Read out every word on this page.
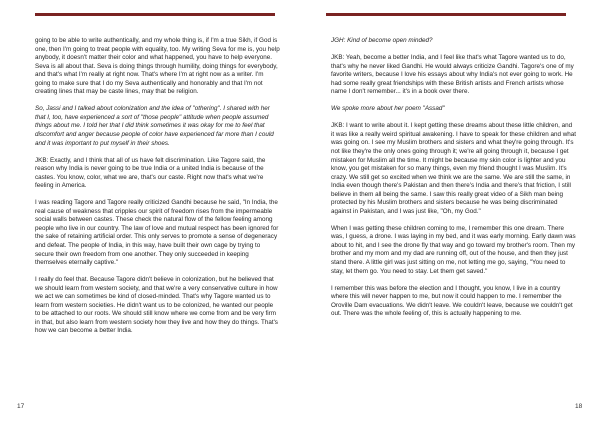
going to be able to write authentically, and my whole thing is, if I'm a true Sikh, if God is one, then I'm going to treat people with equality, too. My writing Seva for me is, you help anybody, it doesn't matter their color and what happened, you have to help everyone. Seva is all about that. Seva is doing things through humility, doing things for everybody, and that's what I'm really at right now. That's where I'm at right now as a writer. I'm going to make sure that I do my Seva authentically and honorably and that I'm not creating lines that may be caste lines, may that be religion.

So, Jassi and I talked about colonization and the idea of "othering". I shared with her that I, too, have experienced a sort of "those people" attitude when people assumed things about me. I told her that I did think sometimes it was okay for me to feel that discomfort and anger because people of color have experienced far more than I could and it was important to put myself in their shoes.

JKB: Exactly, and I think that all of us have felt discrimination. Like Tagore said, the reason why India is never going to be true India or a united India is because of the castes. You know, color, what we are, that's our caste. Right now that's what we're feeling in America.

I was reading Tagore and Tagore really criticized Gandhi because he said, "In India, the real cause of weakness that cripples our spirit of freedom rises from the impermeable social walls between castes. These check the natural flow of the fellow feeling among people who live in our country. The law of love and mutual respect has been ignored for the sake of retaining artificial order. This only serves to promote a sense of degeneracy and defeat. The people of India, in this way, have built their own cage by trying to secure their own freedom from one another. They only succeeded in keeping themselves eternally captive."

I really do feel that. Because Tagore didn't believe in colonization, but he believed that we should learn from western society, and that we're a very conservative culture in how we act we can sometimes be kind of closed-minded. That's why Tagore wanted us to learn from western societies. He didn't want us to be colonized, he wanted our people to be attached to our roots. We should still know where we come from and be very firm in that, but also learn from western society how they live and how they do things. That's how we can become a better India.

17

JGH: Kind of become open minded?

JKB: Yeah, become a better India, and I feel like that's what Tagore wanted us to do, that's why he never liked Gandhi. He would always criticize Gandhi. Tagore's one of my favorite writers, because I love his essays about why India's not ever going to work. He had some really great friendships with these British artists and French artists whose name I don't remember... it's in a book over there.

We spoke more about her poem "Assad"

JKB: I want to write about it. I kept getting these dreams about these little children, and it was like a really weird spiritual awakening. I have to speak for these children and what was going on. I see my Muslim brothers and sisters and what they're going through. It's not like they're the only ones going through it; we're all going through it, because I get mistaken for Muslim all the time. It might be because my skin color is lighter and you know, you get mistaken for so many things, even my friend thought I was Muslim. It's crazy. We still get so excited when we think we are the same. We are still the same, in India even though there's Pakistan and then there's India and there's that friction, I still believe in them all being the same. I saw this really great video of a Sikh man being protected by his Muslim brothers and sisters because he was being discriminated against in Pakistan, and I was just like, "Oh, my God."

When I was getting these children coming to me, I remember this one dream. There was, I guess, a drone. I was laying in my bed, and it was early morning. Early dawn was about to hit, and I see the drone fly that way and go toward my brother's room. Then my brother and my mom and my dad are running off, out of the house, and then they just stand there. A little girl was just sitting on me, not letting me go, saying, "You need to stay, let them go. You need to stay. Let them get saved."

I remember this was before the election and I thought, you know, I live in a country where this will never happen to me, but now it could happen to me. I remember the Oroville Dam evacuations. We didn't leave. We couldn't leave, because we couldn't get out. There was the whole feeling of, this is actually happening to me.

18
